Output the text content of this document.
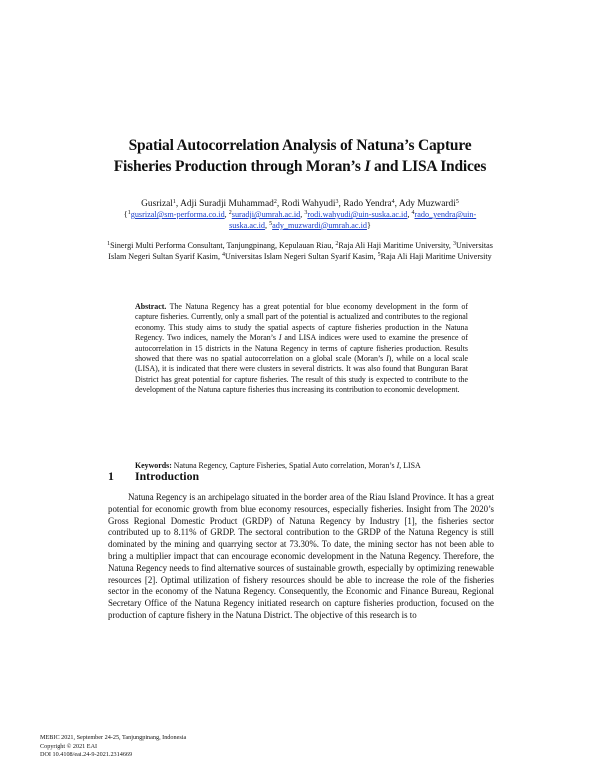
Spatial Autocorrelation Analysis of Natuna’s Capture
Fisheries Production through Moran’s I and LISA Indices
Gusrizal$^1$, Adji Suradji Muhammad$^2$, Rodi Wahyudi$^3$, Rado Yendra$^4$, Ady Muzwardi$^5$
{$^1$gusrizal@sm-performa.co.id, $^2$suradji@umrah.ac.id, $^3$rodi.wahyudi@uin-suska.ac.id, $^4$rado_yendra@uin-suska.ac.id, $^5$ady_muzwardi@umrah.ac.id}
$^1$Sinergi Multi Performa Consultant, Tanjungpinang, Kepulauan Riau, $^2$Raja Ali Haji Maritime University, $^3$Universitas Islam Negeri Sultan Syarif Kasim, $^4$Universitas Islam Negeri Sultan Syarif Kasim, $^5$Raja Ali Haji Maritime University
Abstract. The Natuna Regency has a great potential for blue economy development in the form of capture fisheries. Currently, only a small part of the potential is actualized and contributes to the regional economy. This study aims to study the spatial aspects of capture fisheries production in the Natuna Regency. Two indices, namely the Moran’s I and LISA indices were used to examine the presence of autocorrelation in 15 districts in the Natuna Regency in terms of capture fisheries production. Results showed that there was no spatial autocorrelation on a global scale (Moran’s I), while on a local scale (LISA), it is indicated that there were clusters in several districts. It was also found that Bunguran Barat District has great potential for capture fisheries. The result of this study is expected to contribute to the development of the Natuna capture fisheries thus increasing its contribution to economic development.
Keywords: Natuna Regency, Capture Fisheries, Spatial Auto correlation, Moran’s I, LISA
1 Introduction
Natuna Regency is an archipelago situated in the border area of the Riau Island Province. It has a great potential for economic growth from blue economy resources, especially fisheries. Insight from The 2020’s Gross Regional Domestic Product (GRDP) of Natuna Regency by Industry [1], the fisheries sector contributed up to 8.11% of GRDP. The sectoral contribution to the GRDP of the Natuna Regency is still dominated by the mining and quarrying sector at 73.30%. To date, the mining sector has not been able to bring a multiplier impact that can encourage economic development in the Natuna Regency. Therefore, the Natuna Regency needs to find alternative sources of sustainable growth, especially by optimizing renewable resources [2]. Optimal utilization of fishery resources should be able to increase the role of the fisheries sector in the economy of the Natuna Regency. Consequently, the Economic and Finance Bureau, Regional Secretary Office of the Natuna Regency initiated research on capture fisheries production, focused on the production of capture fishery in the Natuna District. The objective of this research is to
MEBIC 2021, September 24-25, Tanjungpinang, Indonesia
Copyright © 2021 EAI
DOI 10.4108/eai.24-9-2021.2314669
